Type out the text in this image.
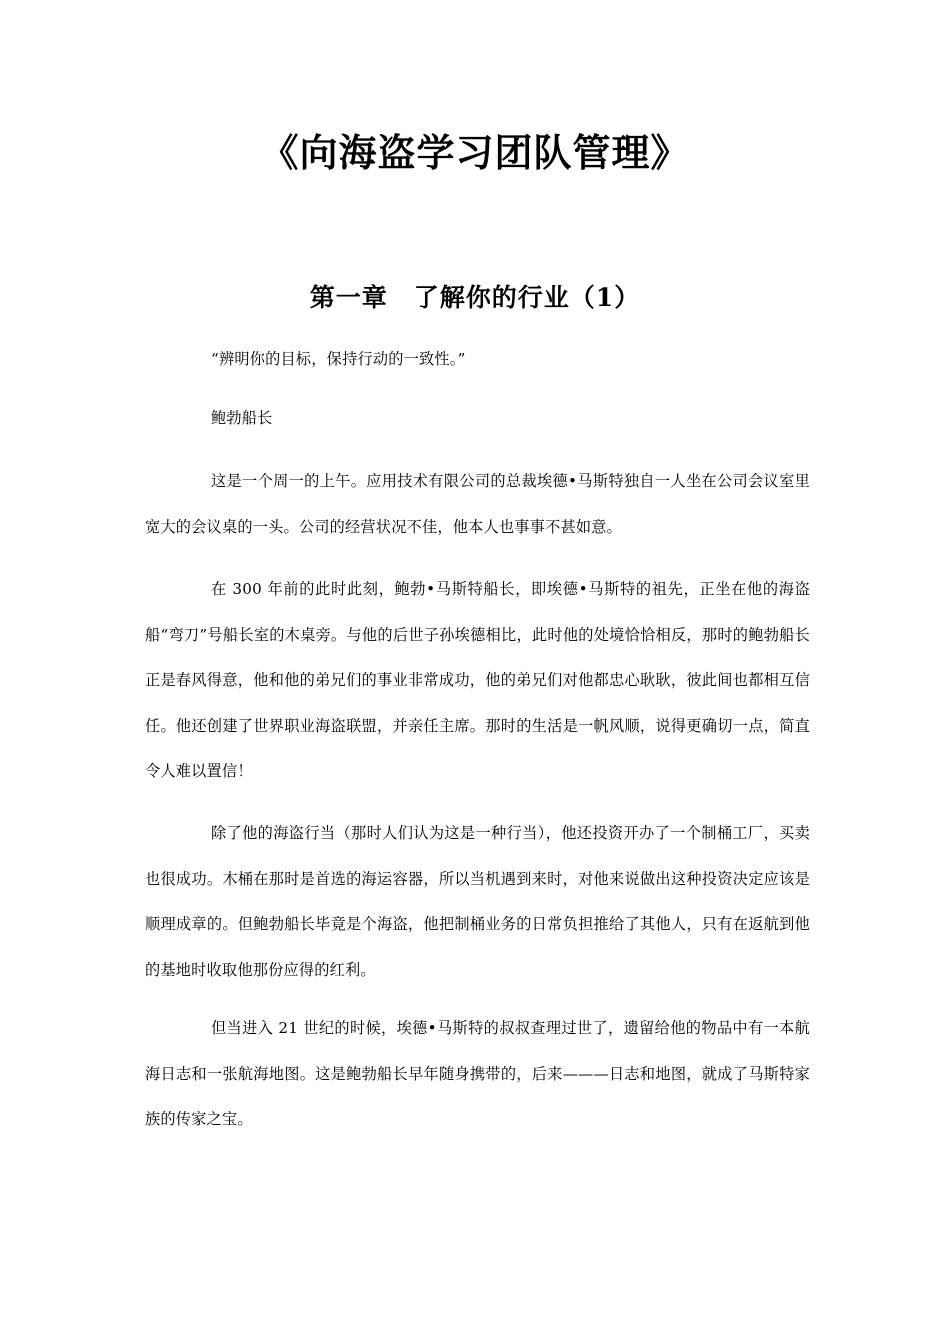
《向海盗学习团队管理》
第一章 了解你的行业（1）

“辨明你的目标，保持行动的一致性。”

鲍勃船长

这是一个周一的上午。应用技术有限公司的总裁埃德•马斯特独自一人坐在公司会议室里宽大的会议桌的一头。公司的经营状况不佳，他本人也事事不甚如意。

在 300 年前的此时此刻，鲍勃•马斯特船长，即埃德•马斯特的祖先，正坐在他的海盗船“弯刀”号船长室的木桌旁。与他的后世子孙埃德相比，此时他的处境恰恰相反，那时的鲍勃船长正是春风得意，他和他的弟兄们的事业非常成功，他的弟兄们对他都忠心耿耿，彼此间也都相互信任。他还创建了世界职业海盗联盟，并亲任主席。那时的生活是一帆风顺，说得更确切一点，简直令人难以置信！

除了他的海盗行当（那时人们认为这是一种行当），他还投资开办了一个制桶工厂，买卖也很成功。木桶在那时是首选的海运容器，所以当机遇到来时，对他来说做出这种投资决定应该是顺理成章的。但鲍勃船长毕竟是个海盗，他把制桶业务的日常负担推给了其他人，只有在返航到他的基地时收取他那份应得的红利。

但当进入 21 世纪的时候，埃德•马斯特的叔叔查理过世了，遗留给他的物品中有一本航海日志和一张航海地图。这是鲍勃船长早年随身携带的，后来———日志和地图，就成了马斯特家族的传家之宝。
